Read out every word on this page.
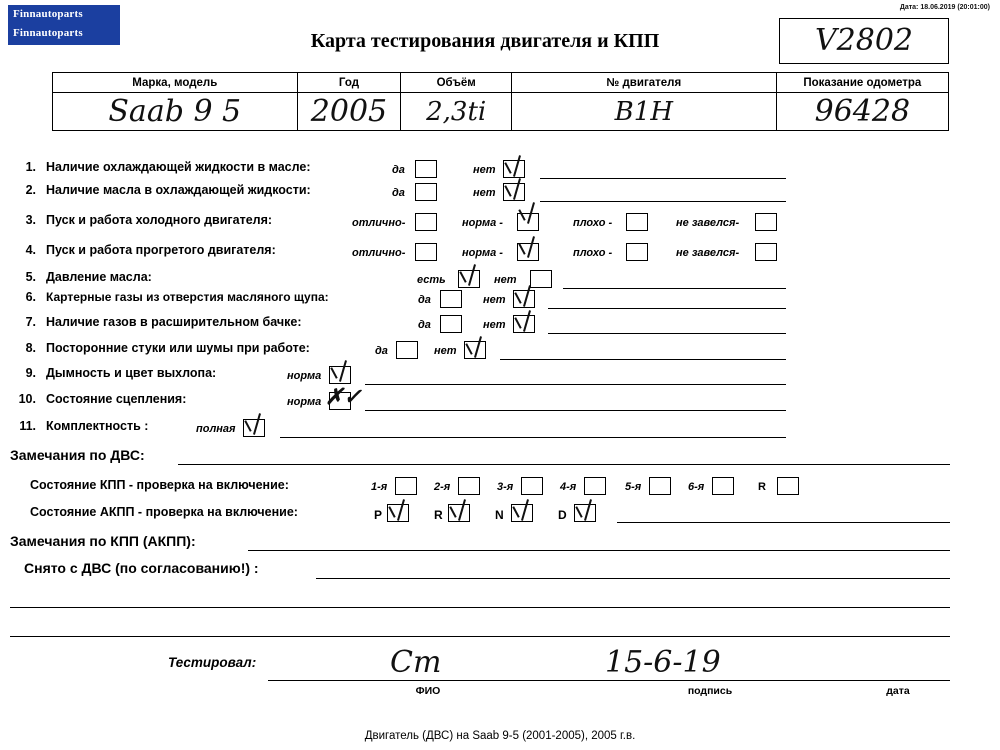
Finnautoparts
Finnautoparts
Дата: 18.06.2019 (20:01:00)
Карта тестирования двигателя и КПП	V2802
Марка, модель	Год	Объём	№ двигателя	Показание одометра
Saab 9 5	2005	2,3ti	B1H	96428
1. Наличие охлаждающей жидкости в масле:	да	нет
2. Наличие масла в охлаждающей жидкости:	да	нет
3. Пуск и работа холодного двигателя:	отлично-	норма -	плохо -	не завелся-
4. Пуск и работа прогретого двигателя:	отлично-	норма -	плохо -	не завелся-
5. Давление масла:	есть	нет
6. Картерные газы из отверстия масляного щупа:	да	нет
7. Наличие газов в расширительном бачке:	да	нет
8. Посторонние стуки или шумы при работе:	да	нет
9. Дымность и цвет выхлопа:	норма
10. Состояние сцепления:	норма ✗✓
11. Комплектность :	полная
Замечания по ДВС:
Состояние КПП - проверка на включение:	1-я	2-я	3-я	4-я	5-я	6-я	R
Состояние АКПП - проверка на включение:	P	R	N	D
Замечания по КПП (АКПП):
Снято с ДВС (по согласованию!) :
Тестировал:	Cm	15-6-19
ФИО	подпись	дата
Двигатель (ДВС) на Saab 9-5 (2001-2005), 2005 г.в.
